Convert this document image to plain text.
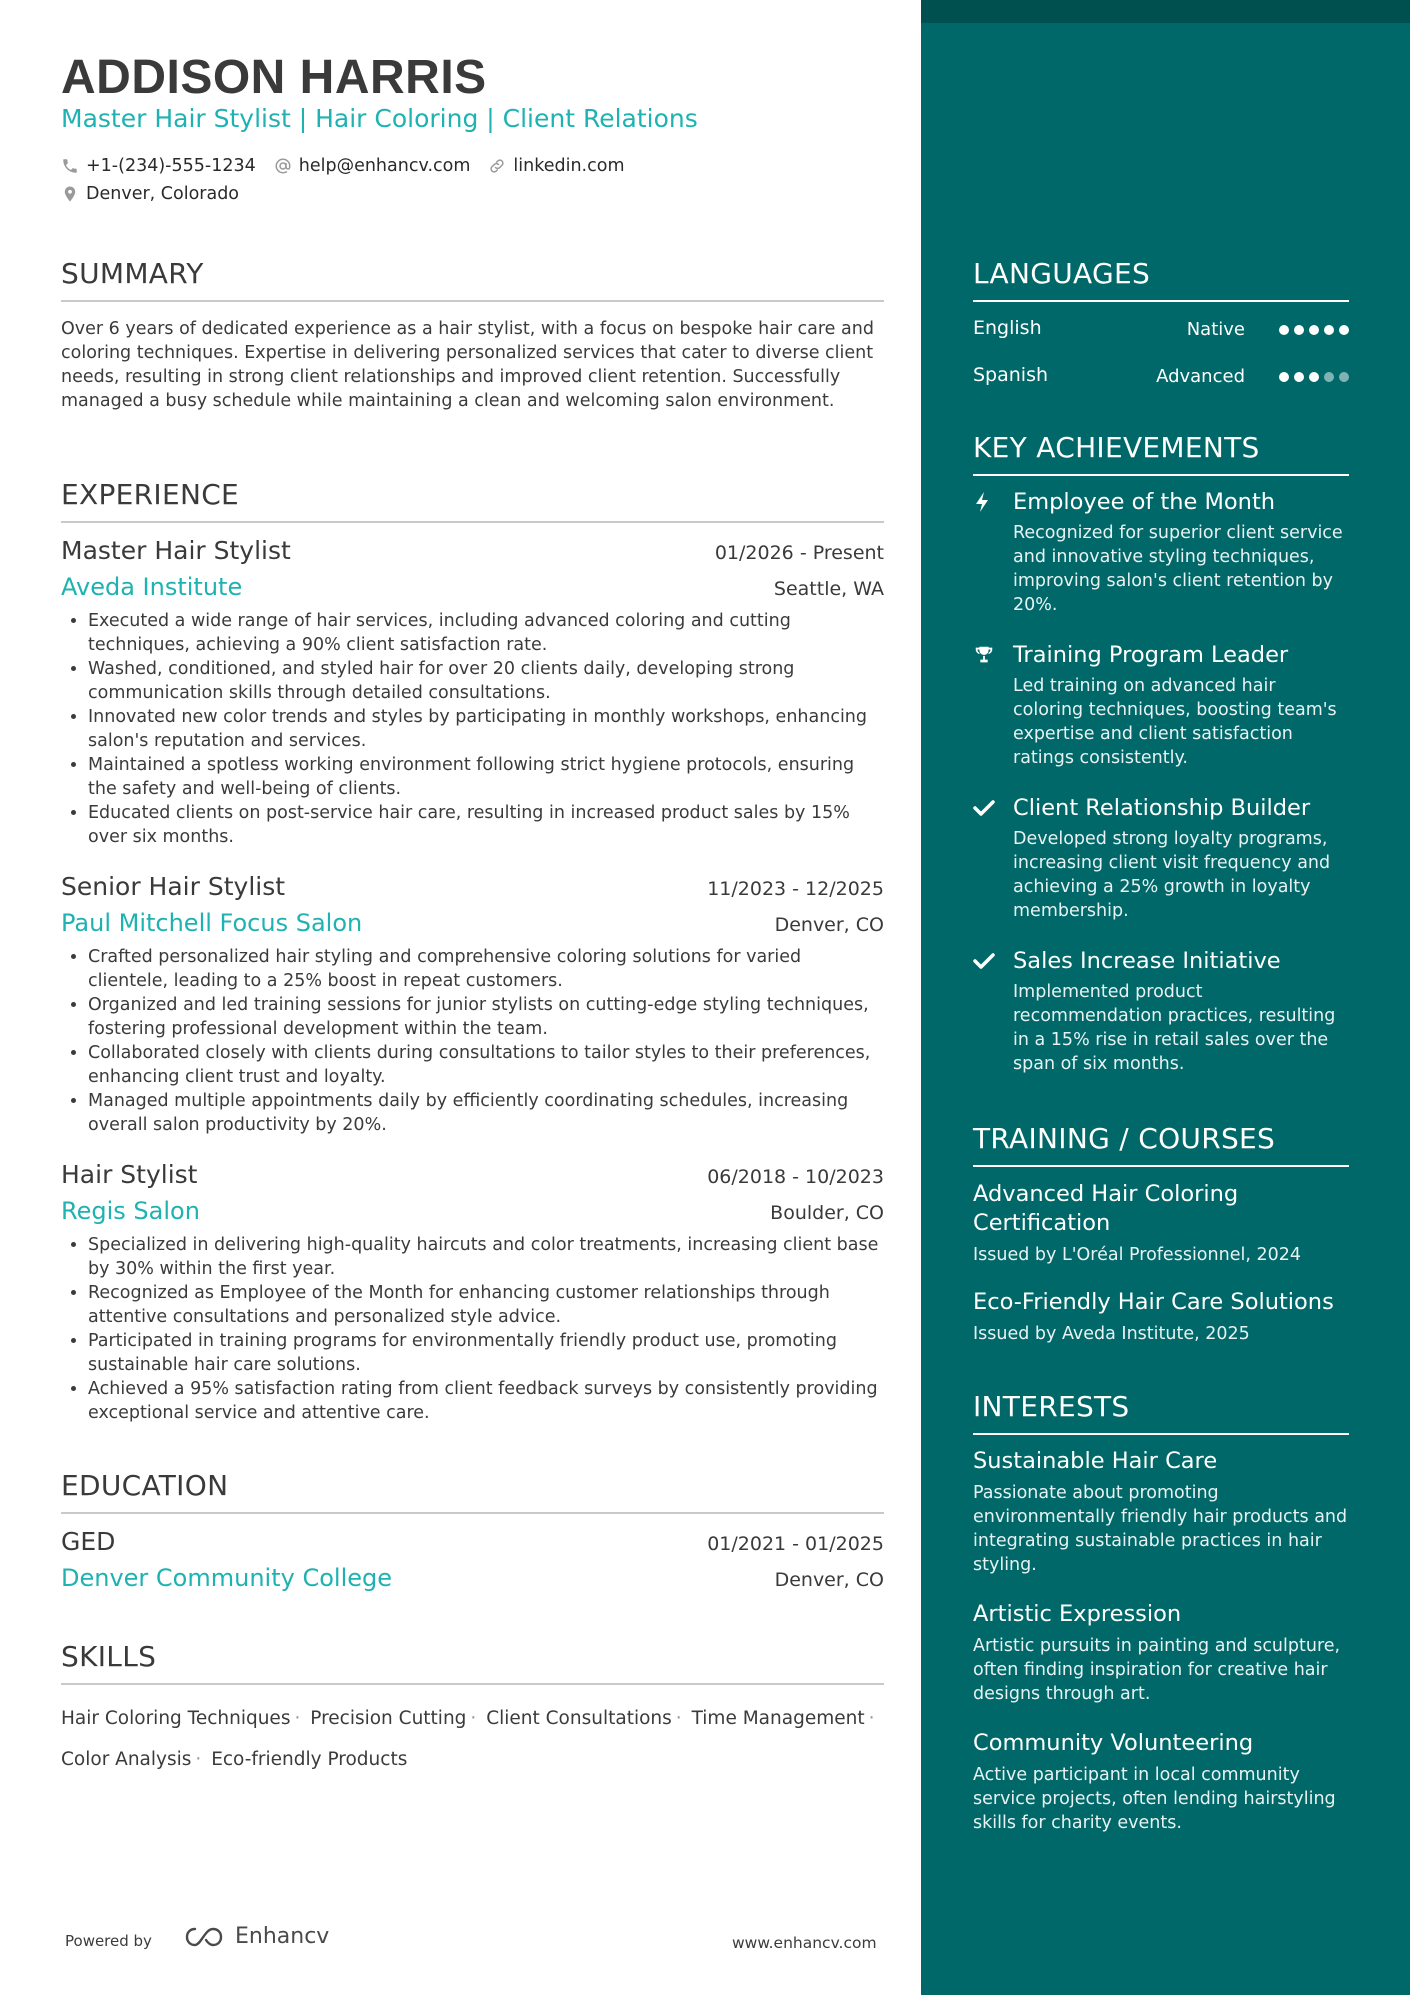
ADDISON HARRIS
Master Hair Stylist | Hair Coloring | Client Relations
+1-(234)-555-1234 help@enhancv.com linkedin.com
Denver, Colorado
SUMMARY
Over 6 years of dedicated experience as a hair stylist, with a focus on bespoke hair care and coloring techniques. Expertise in delivering personalized services that cater to diverse client needs, resulting in strong client relationships and improved client retention. Successfully managed a busy schedule while maintaining a clean and welcoming salon environment.
EXPERIENCE
Master Hair Stylist	01/2026 - Present
Aveda Institute	Seattle, WA
• Executed a wide range of hair services, including advanced coloring and cutting techniques, achieving a 90% client satisfaction rate.
• Washed, conditioned, and styled hair for over 20 clients daily, developing strong communication skills through detailed consultations.
• Innovated new color trends and styles by participating in monthly workshops, enhancing salon's reputation and services.
• Maintained a spotless working environment following strict hygiene protocols, ensuring the safety and well-being of clients.
• Educated clients on post-service hair care, resulting in increased product sales by 15% over six months.
Senior Hair Stylist	11/2023 - 12/2025
Paul Mitchell Focus Salon	Denver, CO
• Crafted personalized hair styling and comprehensive coloring solutions for varied clientele, leading to a 25% boost in repeat customers.
• Organized and led training sessions for junior stylists on cutting-edge styling techniques, fostering professional development within the team.
• Collaborated closely with clients during consultations to tailor styles to their preferences, enhancing client trust and loyalty.
• Managed multiple appointments daily by efficiently coordinating schedules, increasing overall salon productivity by 20%.
Hair Stylist	06/2018 - 10/2023
Regis Salon	Boulder, CO
• Specialized in delivering high-quality haircuts and color treatments, increasing client base by 30% within the first year.
• Recognized as Employee of the Month for enhancing customer relationships through attentive consultations and personalized style advice.
• Participated in training programs for environmentally friendly product use, promoting sustainable hair care solutions.
• Achieved a 95% satisfaction rating from client feedback surveys by consistently providing exceptional service and attentive care.
EDUCATION
GED	01/2021 - 01/2025
Denver Community College	Denver, CO
SKILLS
Hair Coloring Techniques · Precision Cutting · Client Consultations · Time Management ·
Color Analysis · Eco-friendly Products
Powered by	Enhancv	www.enhancv.com
LANGUAGES
English	Native
Spanish	Advanced
KEY ACHIEVEMENTS
Employee of the Month
Recognized for superior client service and innovative styling techniques, improving salon's client retention by 20%.
Training Program Leader
Led training on advanced hair coloring techniques, boosting team's expertise and client satisfaction ratings consistently.
Client Relationship Builder
Developed strong loyalty programs, increasing client visit frequency and achieving a 25% growth in loyalty membership.
Sales Increase Initiative
Implemented product recommendation practices, resulting in a 15% rise in retail sales over the span of six months.
TRAINING / COURSES
Advanced Hair Coloring Certification
Issued by L'Oréal Professionnel, 2024
Eco-Friendly Hair Care Solutions
Issued by Aveda Institute, 2025
INTERESTS
Sustainable Hair Care
Passionate about promoting environmentally friendly hair products and integrating sustainable practices in hair styling.
Artistic Expression
Artistic pursuits in painting and sculpture, often finding inspiration for creative hair designs through art.
Community Volunteering
Active participant in local community service projects, often lending hairstyling skills for charity events.
